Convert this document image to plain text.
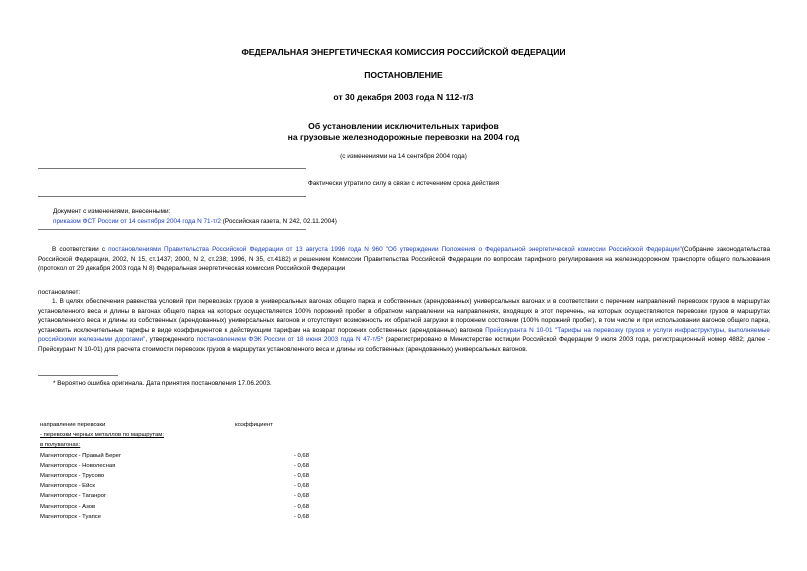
ФЕДЕРАЛЬНАЯ ЭНЕРГЕТИЧЕСКАЯ КОМИССИЯ РОССИЙСКОЙ ФЕДЕРАЦИИ
ПОСТАНОВЛЕНИЕ
от 30 декабря 2003 года N 112-т/3
Об установлении исключительных тарифов
на грузовые железнодорожные перевозки на 2004 год
(с изменениями на 14 сентября 2004 года)
Фактически утратило силу в связи с истечением срока действия
Документ с изменениями, внесенными:
приказом ФСТ России от 14 сентября 2004 года N 71-т/2 (Российская газета, N 242, 02.11.2004)

В соответствии с постановлениями Правительства Российской Федерации от 13 августа 1996 года N 960 "Об утверждении Положения о Федеральной энергетической комиссии Российской Федерации"(Собрание законодательства Российской Федерации, 2002, N 15, ст.1437; 2000, N 2, ст.238; 1996, N 35, ст.4182) и решением Комиссии Правительства Российской Федерации по вопросам тарифного регулирования на железнодорожном транспорте общего пользования (протокол от 29 декабря 2003 года N 8) Федеральная энергетическая комиссия Российской Федерации

постановляет:

1. В целях обеспечения равенства условий при перевозках грузов в универсальных вагонах общего парка и собственных (арендованных) универсальных вагонах и в соответствии с перечнем направлений перевозок грузов в маршрутах установленного веса и длины в вагонах общего парка на которых осуществляется 100% порожний пробег в обратном направлении на направлениях, входящих в этот перечень, на которых осуществляются перевозки грузов в маршрутах установленного веса и длины из собственных (арендованных) универсальных вагонов и отсутствует возможность их обратной загрузки в порожнем состоянии (100% порожний пробег), в том числе и при использовании вагонов общего парка, установить исключительные тарифы в виде коэффициентов к действующим тарифам на возврат порожних собственных (арендованных) вагонов Прейскуранта N 10-01 "Тарифы на перевозку грузов и услуги инфраструктуры, выполняемые российскими железными дорогами", утвержденного постановлением ФЭК России от 18 июня 2003 года N 47-т/5* (зарегистрировано в Министерстве юстиции Российской Федерации 9 июля 2003 года, регистрационный номер 4882; далее - Прейскурант N 10-01) для расчета стоимости перевозок грузов в маршрутах установленного веса и длины из собственных (арендованных) универсальных вагонов.

* Вероятно ошибка оригинала. Дата принятия постановления 17.06.2003.
направление перевозки	коэффициент
- перевозки черных металлов по маршрутам:	
в полувагонах:	
Магнитогорск - Правый Берег	- 0,68
Магнитогорск - Новолесная	- 0,68
Магнитогорск - Трусово	- 0,68
Магнитогорск - Ейск	- 0,68
Магнитогорск - Таганрог	- 0,68
Магнитогорск - Азов	- 0,68
Магнитогорск - Туапсе	- 0,68
